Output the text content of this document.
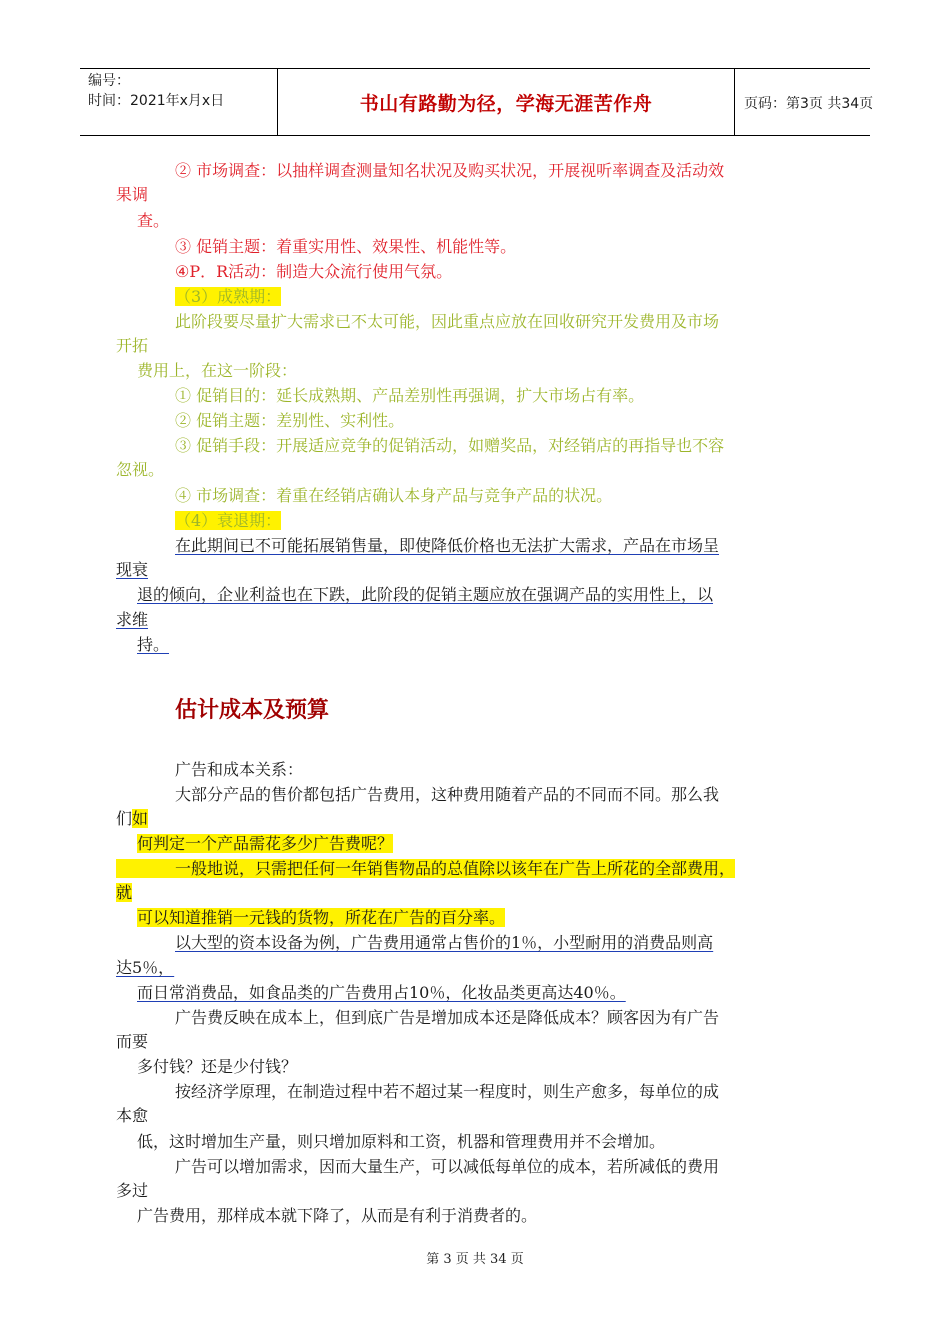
编号：
时间：2021年x月x日	书山有路勤为径，学海无涯苦作舟	页码：第3页 共34页
② 市场调查：以抽样调查测量知名状况及购买状况，开展视听率调查及活动效
果调
查。
③ 促销主题：着重实用性、效果性、机能性等。
④P．R活动：制造大众流行使用气氛。
（3）成熟期：
此阶段要尽量扩大需求已不太可能，因此重点应放在回收研究开发费用及市场
开拓
费用上，在这一阶段：
① 促销目的：延长成熟期、产品差别性再强调，扩大市场占有率。
② 促销主题：差别性、实利性。
③ 促销手段：开展适应竞争的促销活动，如赠奖品，对经销店的再指导也不容
忽视。
④ 市场调查：着重在经销店确认本身产品与竞争产品的状况。
（4）衰退期：
在此期间已不可能拓展销售量，即使降低价格也无法扩大需求，产品在市场呈
现衰
退的倾向，企业利益也在下跌，此阶段的促销主题应放在强调产品的实用性上，以
求维
持。
估计成本及预算
广告和成本关系：
大部分产品的售价都包括广告费用，这种费用随着产品的不同而不同。那么我
们如
何判定一个产品需花多少广告费呢？
一般地说，只需把任何一年销售物品的总值除以该年在广告上所花的全部费用，
就
可以知道推销一元钱的货物，所花在广告的百分率。
以大型的资本设备为例，广告费用通常占售价的1％，小型耐用的消费品则高
达5％，
而日常消费品，如食品类的广告费用占10％，化妆品类更高达40％。
广告费反映在成本上，但到底广告是增加成本还是降低成本？顾客因为有广告
而要
多付钱？还是少付钱？
按经济学原理，在制造过程中若不超过某一程度时，则生产愈多，每单位的成
本愈
低，这时增加生产量，则只增加原料和工资，机器和管理费用并不会增加。
广告可以增加需求，因而大量生产，可以减低每单位的成本，若所减低的费用
多过
广告费用，那样成本就下降了，从而是有利于消费者的。
第 3 页 共 34 页
